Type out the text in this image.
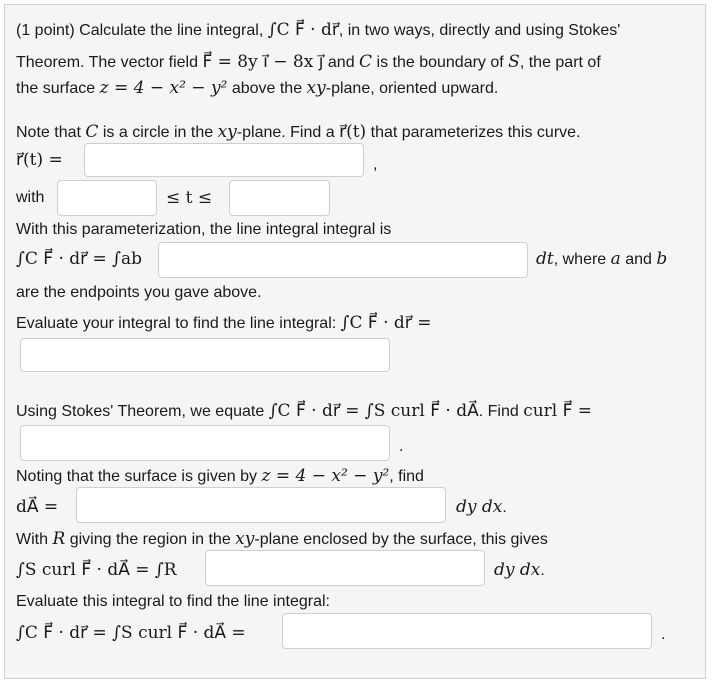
(1 point) Calculate the line integral, ∫C F⃗ · dr⃗, in two ways, directly and using Stokes'
Theorem. The vector field F⃗ = 8y i⃗ − 8x j⃗ and C is the boundary of S, the part of
the surface z = 4 − x² − y² above the xy-plane, oriented upward.
Note that C is a circle in the xy-plane. Find a r⃗(t) that parameterizes this curve.
r⃗(t) =	,
with	≤ t ≤
With this parameterization, the line integral integral is
∫C F⃗ · dr⃗ = ∫ab	dt, where a and b
are the endpoints you gave above.
Evaluate your integral to find the line integral: ∫C F⃗ · dr⃗ =
Using Stokes' Theorem, we equate ∫C F⃗ · dr⃗ = ∫S curl F⃗ · dA⃗. Find curl F⃗ =
.
Noting that the surface is given by z = 4 − x² − y², find
dA⃗ =	dy dx.
With R giving the region in the xy-plane enclosed by the surface, this gives
∫S curl F⃗ · dA⃗ = ∫R	dy dx.
Evaluate this integral to find the line integral:
∫C F⃗ · dr⃗ = ∫S curl F⃗ · dA⃗ =	.
